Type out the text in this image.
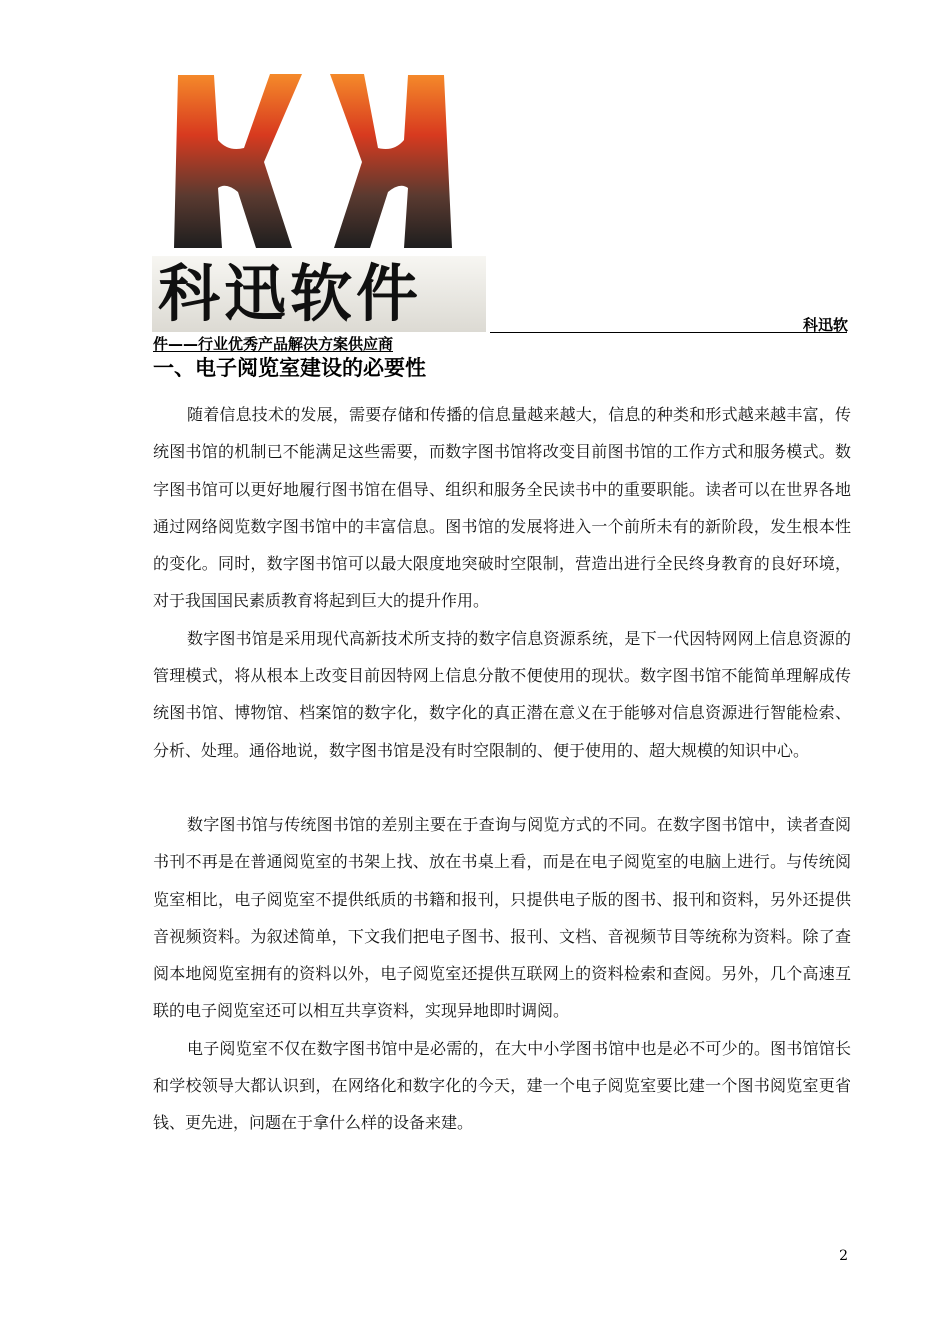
科迅软件	科迅软
件——行业优秀产品解决方案供应商
一、电子阅览室建设的必要性

随着信息技术的发展，需要存储和传播的信息量越来越大，信息的种类和形式越来越丰富，传统图书馆的机制已不能满足这些需要，而数字图书馆将改变目前图书馆的工作方式和服务模式。数字图书馆可以更好地履行图书馆在倡导、组织和服务全民读书中的重要职能。读者可以在世界各地通过网络阅览数字图书馆中的丰富信息。图书馆的发展将进入一个前所未有的新阶段，发生根本性的变化。同时，数字图书馆可以最大限度地突破时空限制，营造出进行全民终身教育的良好环境，对于我国国民素质教育将起到巨大的提升作用。

数字图书馆是采用现代高新技术所支持的数字信息资源系统，是下一代因特网网上信息资源的管理模式，将从根本上改变目前因特网上信息分散不便使用的现状。数字图书馆不能简单理解成传统图书馆、博物馆、档案馆的数字化，数字化的真正潜在意义在于能够对信息资源进行智能检索、分析、处理。通俗地说，数字图书馆是没有时空限制的、便于使用的、超大规模的知识中心。

数字图书馆与传统图书馆的差别主要在于查询与阅览方式的不同。在数字图书馆中，读者查阅书刊不再是在普通阅览室的书架上找、放在书桌上看，而是在电子阅览室的电脑上进行。与传统阅览室相比，电子阅览室不提供纸质的书籍和报刊，只提供电子版的图书、报刊和资料，另外还提供音视频资料。为叙述简单，下文我们把电子图书、报刊、文档、音视频节目等统称为资料。除了查阅本地阅览室拥有的资料以外，电子阅览室还提供互联网上的资料检索和查阅。另外，几个高速互联的电子阅览室还可以相互共享资料，实现异地即时调阅。

电子阅览室不仅在数字图书馆中是必需的，在大中小学图书馆中也是必不可少的。图书馆馆长和学校领导大都认识到，在网络化和数字化的今天，建一个电子阅览室要比建一个图书阅览室更省钱、更先进，问题在于拿什么样的设备来建。

2
